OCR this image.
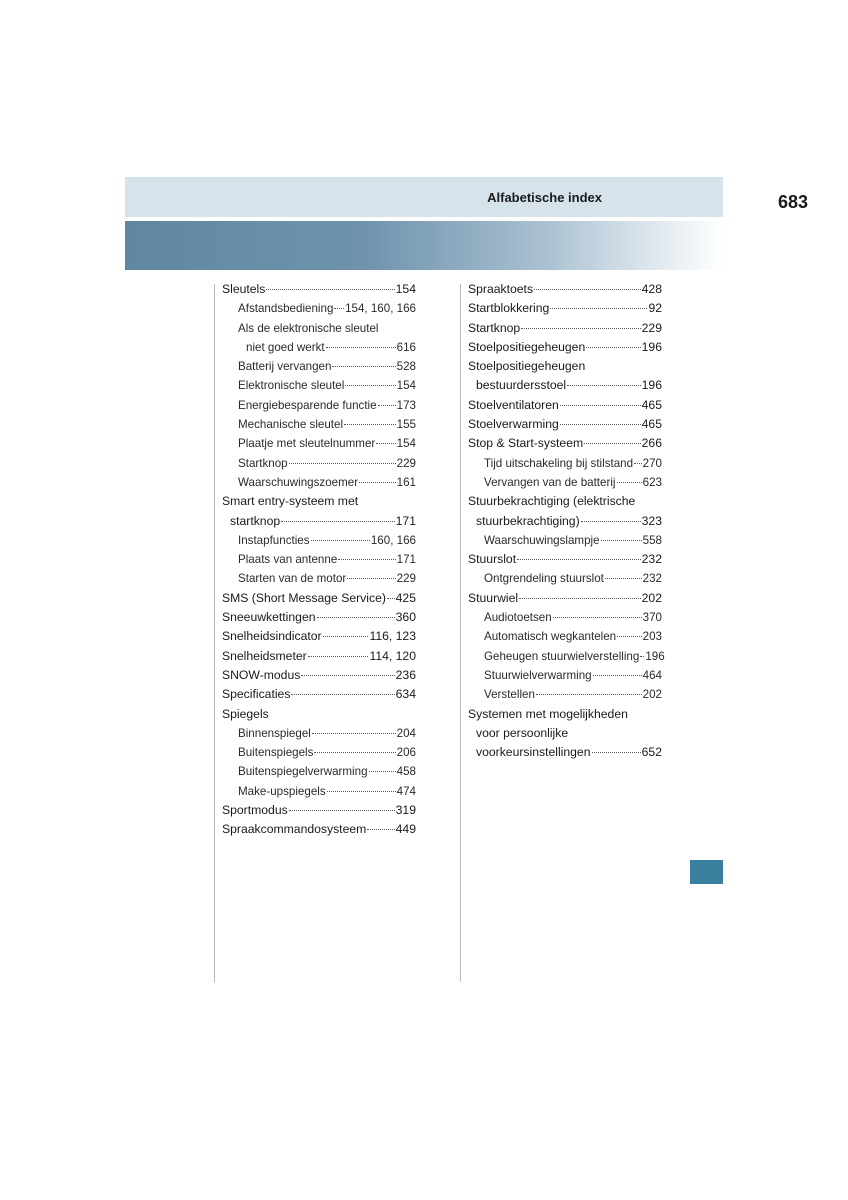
Alfabetische index	683
Sleutels	154
Afstandsbediening 154, 160, 166
Als de elektronische sleutel
niet goed werkt	616
Batterij vervangen	528
Elektronische sleutel	154
Energiebesparende functie 173
Mechanische sleutel	155
Plaatje met sleutelnummer 154
Startknop	229
Waarschuwingszoemer	161
Smart entry-systeem met
startknop	171
Instapfuncties	160, 166
Plaats van antenne	171
Starten van de motor	229
SMS (Short Message Service) 425
Sneeuwkettingen	360
Snelheidsindicator	116, 123
Snelheidsmeter	114, 120
SNOW-modus	236
Specificaties	634
Spiegels
Binnenspiegel	204
Buitenspiegels	206
Buitenspiegelverwarming	458
Make-upspiegels	474
Sportmodus	319
Spraakcommandosysteem 449
Spraaktoets	428
Startblokkering	92
Startknop	229
Stoelpositiegeheugen	196
Stoelpositiegeheugen
bestuurdersstoel	196
Stoelventilatoren	465
Stoelverwarming	465
Stop & Start-systeem	266
Tijd uitschakeling bij stilstand 270
Vervangen van de batterij 623
Stuurbekrachtiging (elektrische
stuurbekrachtiging)	323
Waarschuwingslampje	558
Stuurslot	232
Ontgrendeling stuurslot	232
Stuurwiel	202
Audiotoetsen	370
Automatisch wegkantelen 203
Geheugen stuurwielverstelling 196
Stuurwielverwarming	464
Verstellen	202
Systemen met mogelijkheden
voor persoonlijke
voorkeursinstellingen	652
